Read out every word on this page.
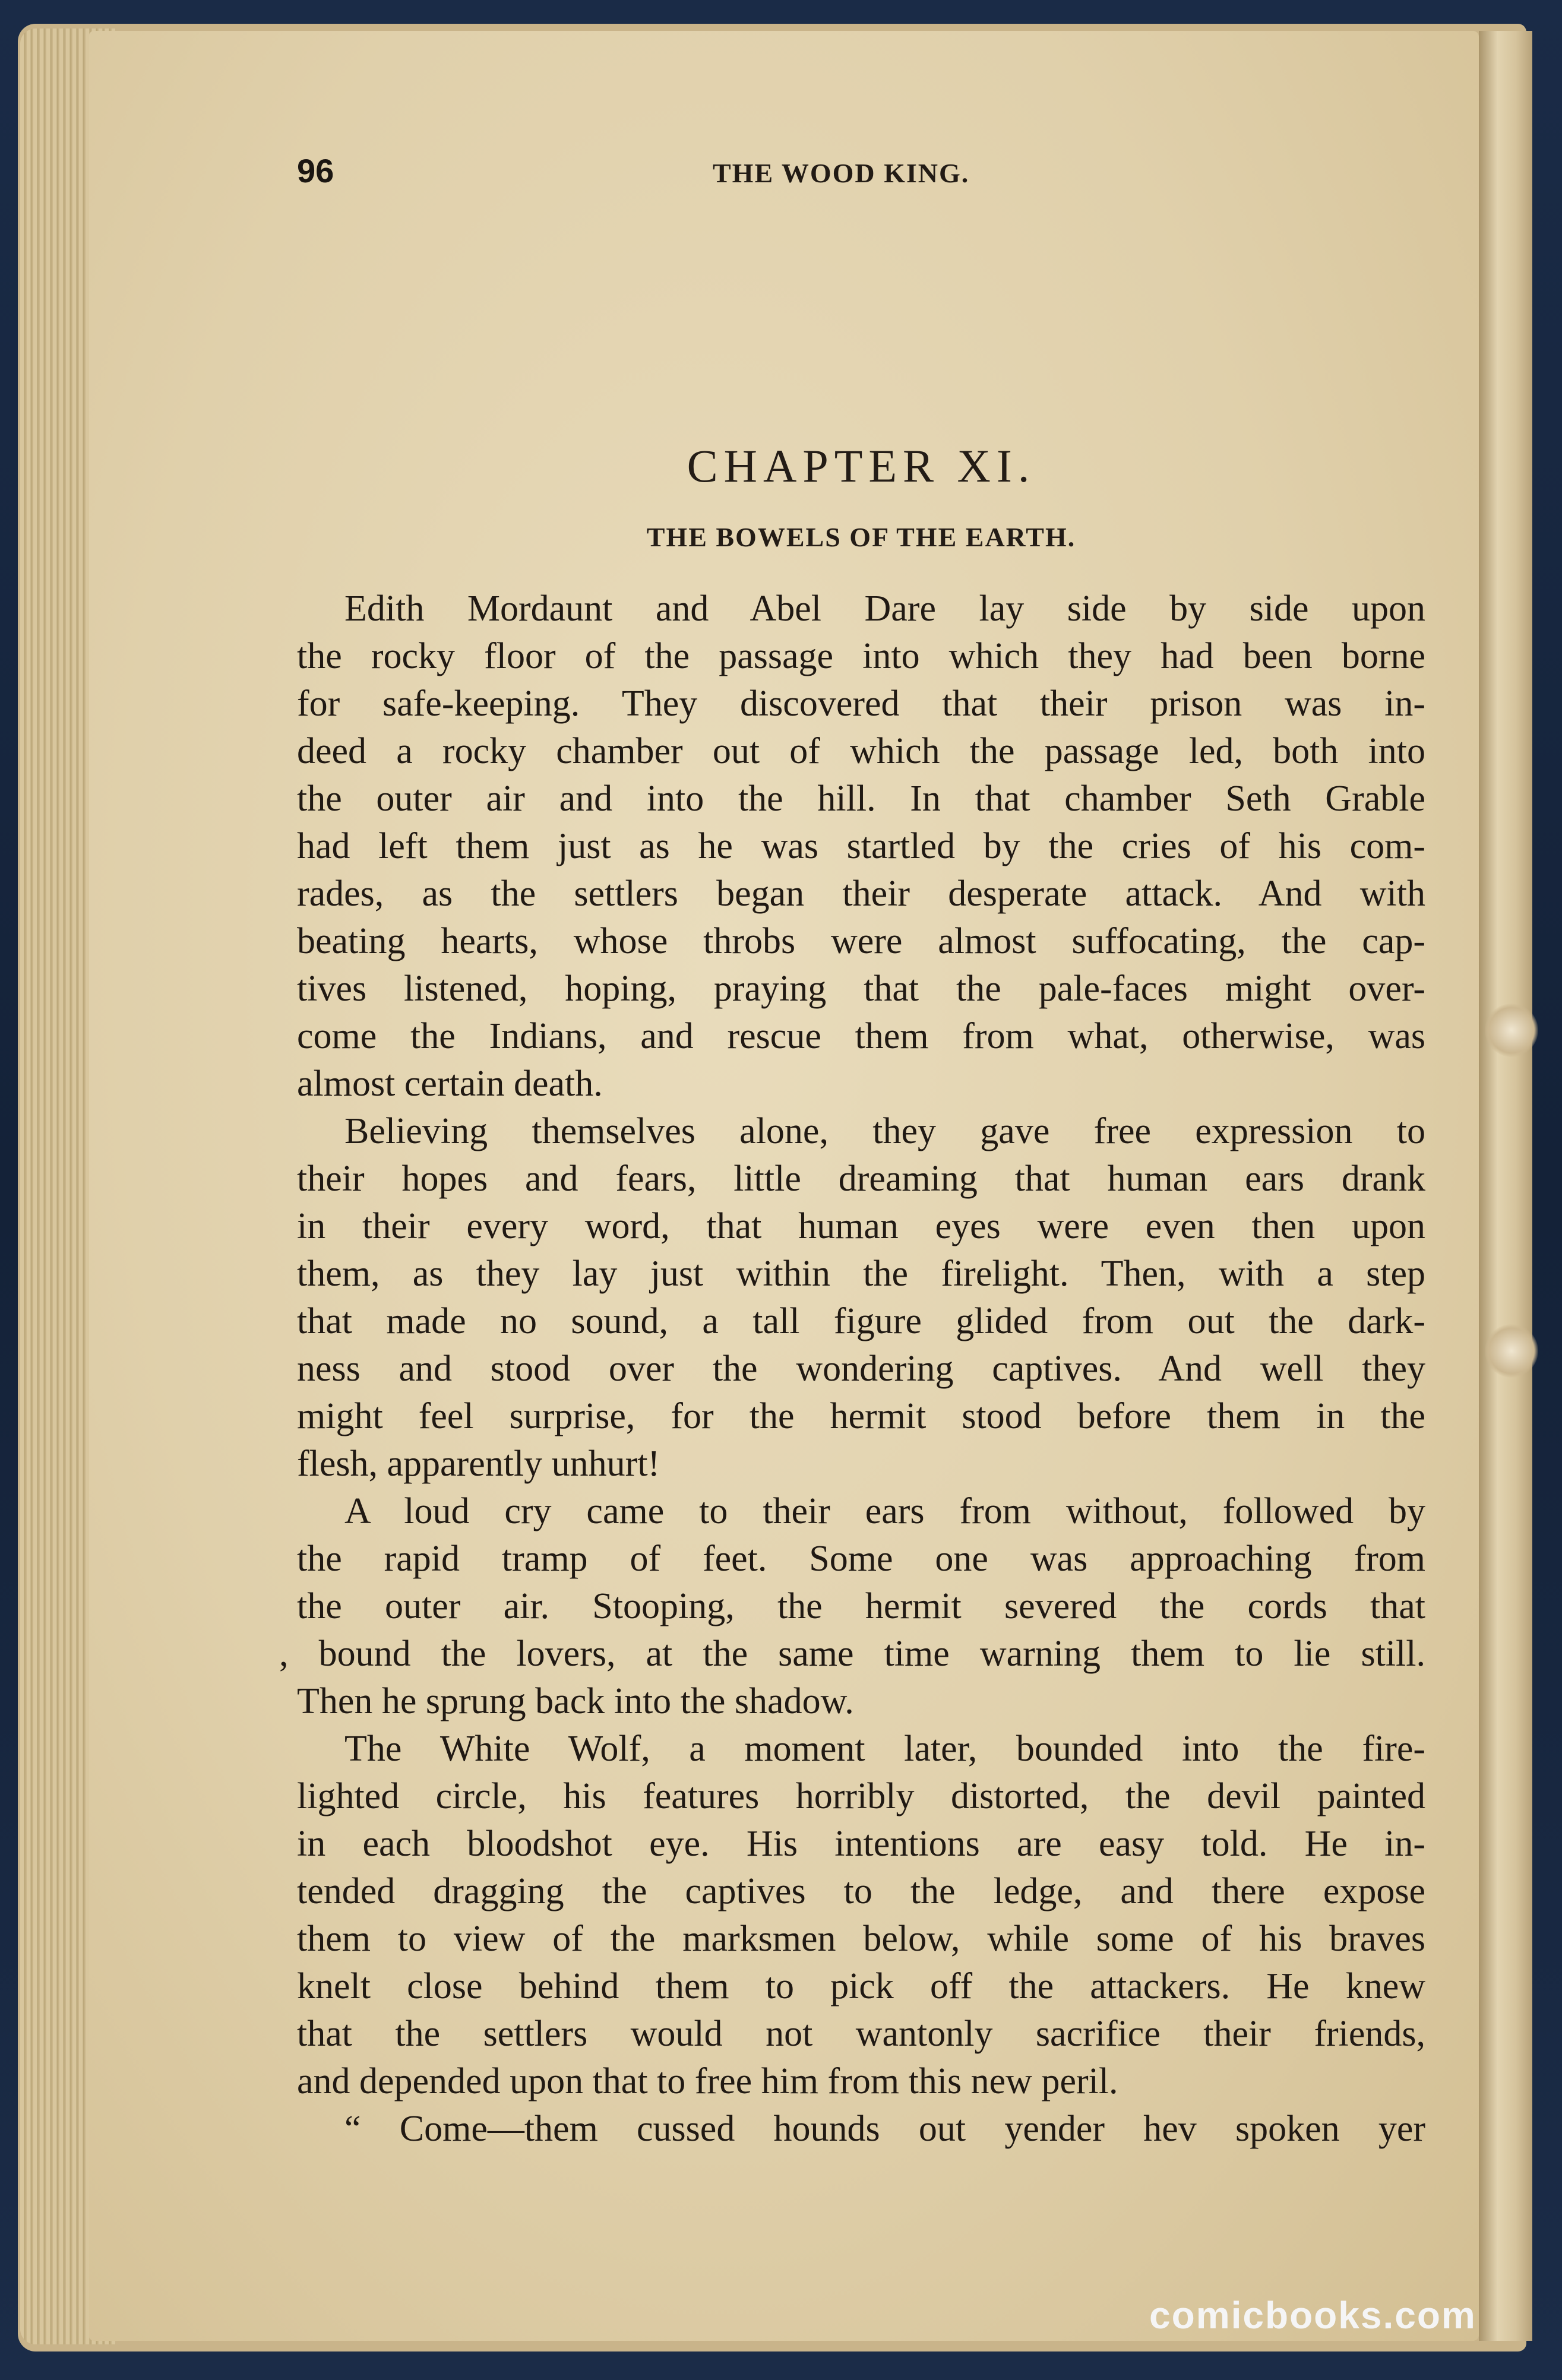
96	THE WOOD KING.
CHAPTER XI.
THE BOWELS OF THE EARTH.
Edith Mordaunt and Abel Dare lay side by side upon
the rocky floor of the passage into which they had been borne
for safe-keeping. They discovered that their prison was in-
deed a rocky chamber out of which the passage led, both into
the outer air and into the hill. In that chamber Seth Grable
had left them just as he was startled by the cries of his com-
rades, as the settlers began their desperate attack. And with
beating hearts, whose throbs were almost suffocating, the cap-
tives listened, hoping, praying that the pale-faces might over-
come the Indians, and rescue them from what, otherwise, was
almost certain death.
Believing themselves alone, they gave free expression to
their hopes and fears, little dreaming that human ears drank
in their every word, that human eyes were even then upon
them, as they lay just within the firelight. Then, with a step
that made no sound, a tall figure glided from out the dark-
ness and stood over the wondering captives. And well they
might feel surprise, for the hermit stood before them in the
flesh, apparently unhurt!
A loud cry came to their ears from without, followed by
the rapid tramp of feet. Some one was approaching from
the outer air. Stooping, the hermit severed the cords that
, bound the lovers, at the same time warning them to lie still.
Then he sprung back into the shadow.
The White Wolf, a moment later, bounded into the fire-
lighted circle, his features horribly distorted, the devil painted
in each bloodshot eye. His intentions are easy told. He in-
tended dragging the captives to the ledge, and there expose
them to view of the marksmen below, while some of his braves
knelt close behind them to pick off the attackers. He knew
that the settlers would not wantonly sacrifice their friends,
and depended upon that to free him from this new peril.
“ Come—them cussed hounds out yender hev spoken yer
comicbooks.com
